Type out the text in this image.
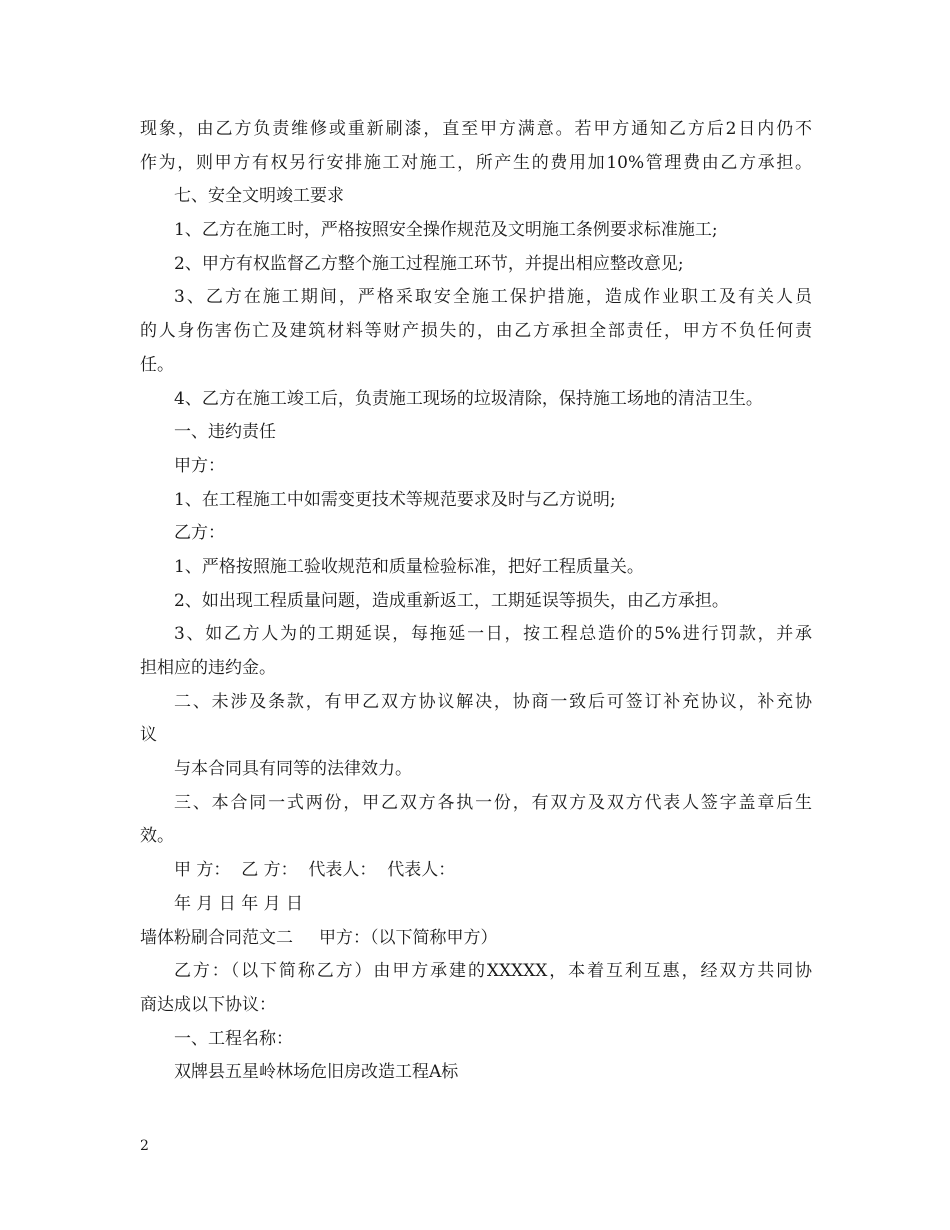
现象，由乙方负责维修或重新刷漆，直至甲方满意。若甲方通知乙方后2日内仍不
作为，则甲方有权另行安排施工对施工，所产生的费用加10%管理费由乙方承担。
七、安全文明竣工要求
1、乙方在施工时，严格按照安全操作规范及文明施工条例要求标准施工;
2、甲方有权监督乙方整个施工过程施工环节，并提出相应整改意见;
3、乙方在施工期间，严格采取安全施工保护措施，造成作业职工及有关人员
的人身伤害伤亡及建筑材料等财产损失的，由乙方承担全部责任，甲方不负任何责
任。
4、乙方在施工竣工后，负责施工现场的垃圾清除，保持施工场地的清洁卫生。
一、违约责任
甲方：
1、在工程施工中如需变更技术等规范要求及时与乙方说明;
乙方：
1、严格按照施工验收规范和质量检验标准，把好工程质量关。
2、如出现工程质量问题，造成重新返工，工期延误等损失，由乙方承担。
3、如乙方人为的工期延误，每拖延一日，按工程总造价的5%进行罚款，并承
担相应的违约金。
二、未涉及条款，有甲乙双方协议解决，协商一致后可签订补充协议，补充协
议
与本合同具有同等的法律效力。
三、本合同一式两份，甲乙双方各执一份，有双方及双方代表人签字盖章后生
效。
甲 方：  乙 方：  代表人：  代表人：
年 月 日 年 月 日
墙体粉刷合同范文二 甲方：（以下简称甲方）
乙方：（以下简称乙方）由甲方承建的XXXXX，本着互利互惠，经双方共同协
商达成以下协议：
一、工程名称：
双牌县五星岭林场危旧房改造工程A标
2
